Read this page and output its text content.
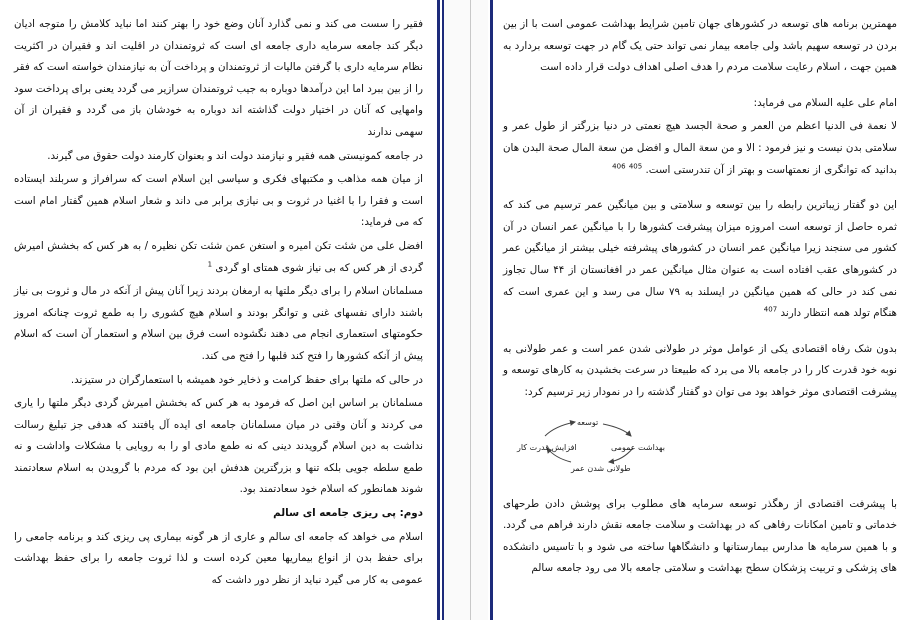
فقیر را سست می کند و نمی گذارد آنان وضع خود را بهتر کنند اما نباید کلامش را متوجه ادیان دیگر کند جامعه سرمایه داری جامعه ای است که ثروتمندان در اقلیت اند و فقیران در اکثریت نظام سرمایه داری با گرفتن مالیات از ثروتمندان و پرداخت آن به نیازمندان خواسته است که فقر را از بین ببرد اما این درآمدها دوباره به جیب ثروتمندان سرازیر می گردد یعنی برای پرداخت سود وامهایی که آنان در اختیار دولت گذاشته اند دوباره به خودشان باز می گردد و فقیران از آن سهمی ندارند

در جامعه کمونیستی همه فقیر و نیازمند دولت اند و بعنوان کارمند دولت حقوق می گیرند.

از میان همه مذاهب و مکتبهای فکری و سیاسی این اسلام است که سرافراز و سربلند ایستاده است و فقرا را با اغنیا در ثروت و بی نیازی برابر می داند و شعار اسلام همین گفتار امام است که می فرماید:

افضل علی من شئت تکن امیره و استغن عمن شئت تکن نظیره / به هر کس که بخشش امیرش گردی از هر کس که بی نیاز شوی همتای او گردی $^1$

مسلمانان اسلام را برای دیگر ملتها به ارمغان بردند زیرا آنان پیش از آنکه در مال و ثروت بی نیاز باشند دارای نفسهای غنی و توانگر بودند و اسلام هیچ کشوری را به طمع ثروت چنانکه امروز حکومتهای استعماری انجام می دهند نگشوده است فرق بین اسلام و استعمار آن است که اسلام پیش از آنکه کشورها را فتح کند قلبها را فتح می کند.

در حالی که ملتها برای حفظ کرامت و ذخایر خود همیشه با استعمارگران در ستیزند.

مسلمانان بر اساس این اصل که فرمود به هر کس که بخشش امیرش گردی دیگر ملتها را یاری می کردند و آنان وقتی در میان مسلمانان جامعه ای ایده آل یافتند که هدفی جز تبلیغ رسالت نداشت به دین اسلام گرویدند دینی که نه طمع مادی او را به رویایی با مشکلات واداشت و نه طمع سلطه جویی بلکه تنها و بزرگترین هدفش این بود که مردم با گرویدن به اسلام سعادتمند شوند همانطور که اسلام خود سعادتمند بود.

دوم: پی ریزی جامعه ای سالم

اسلام می خواهد که جامعه ای سالم و عاری از هر گونه بیماری پی ریزی کند و برنامه جامعی را برای حفظ بدن از انواع بیماریها معین کرده است و لذا ثروت جامعه را برای حفظ بهداشت عمومی به کار می گیرد نباید از نظر دور داشت که

مهمترین برنامه های توسعه در کشورهای جهان تامین شرایط بهداشت عمومی است با از بین بردن در توسعه سهیم باشد ولی جامعه بیمار نمی تواند حتی یک گام در جهت توسعه بردارد به همین جهت ، اسلام رعایت سلامت مردم را هدف اصلی اهداف دولت قرار داده است

امام علی علیه السلام می فرماید:

لا نعمة فی الدنیا اعظم من العمر و صحة الجسد هیچ نعمتی در دنیا بزرگتر از طول عمر و سلامتی بدن نیست و نیز فرمود : الا و من سعة المال و افضل من سعة المال صحة البدن هان بدانید که توانگری از نعمتهاست و بهتر از آن تندرستی است. $^{405}$ $^{406}$

این دو گفتار زیباترین رابطه را بین توسعه و سلامتی و بین میانگین عمر ترسیم می کند که ثمره حاصل از توسعه است امروزه میزان پیشرفت کشورها را با میانگین عمر انسان در آن کشور می سنجند زیرا میانگین عمر انسان در کشورهای پیشرفته خیلی بیشتر از میانگین عمر در کشورهای عقب افتاده است به عنوان مثال میانگین عمر در افغانستان از ۴۴ سال تجاوز نمی کند در حالی که همین میانگین در ایسلند به ۷۹ سال می رسد و این عمری است که هنگام تولد همه انتظار دارند $^{407}$

بدون شک رفاه اقتصادی یکی از عوامل موثر در طولانی شدن عمر است و عمر طولانی به نوبه خود قدرت کار را در جامعه بالا می برد که طبیعتا در سرعت بخشیدن به کارهای توسعه و پیشرفت اقتصادی موثر خواهد بود می توان دو گفتار گذشته را در نمودار زیر ترسیم کرد:

توسعه
بهداشت عمومی
افزایش قدرت کار
طولانی شدن عمر

با پیشرفت اقتصادی از رهگذر توسعه سرمایه های مطلوب برای پوشش دادن طرحهای خدماتی و تامین امکانات رفاهی که در بهداشت و سلامت جامعه نقش دارند فراهم می گردد. و با همین سرمایه ها مدارس بیمارستانها و دانشگاهها ساخته می شود و با تاسیس دانشکده های پزشکی و تربیت پزشکان سطح بهداشت و سلامتی جامعه بالا می رود جامعه سالم
